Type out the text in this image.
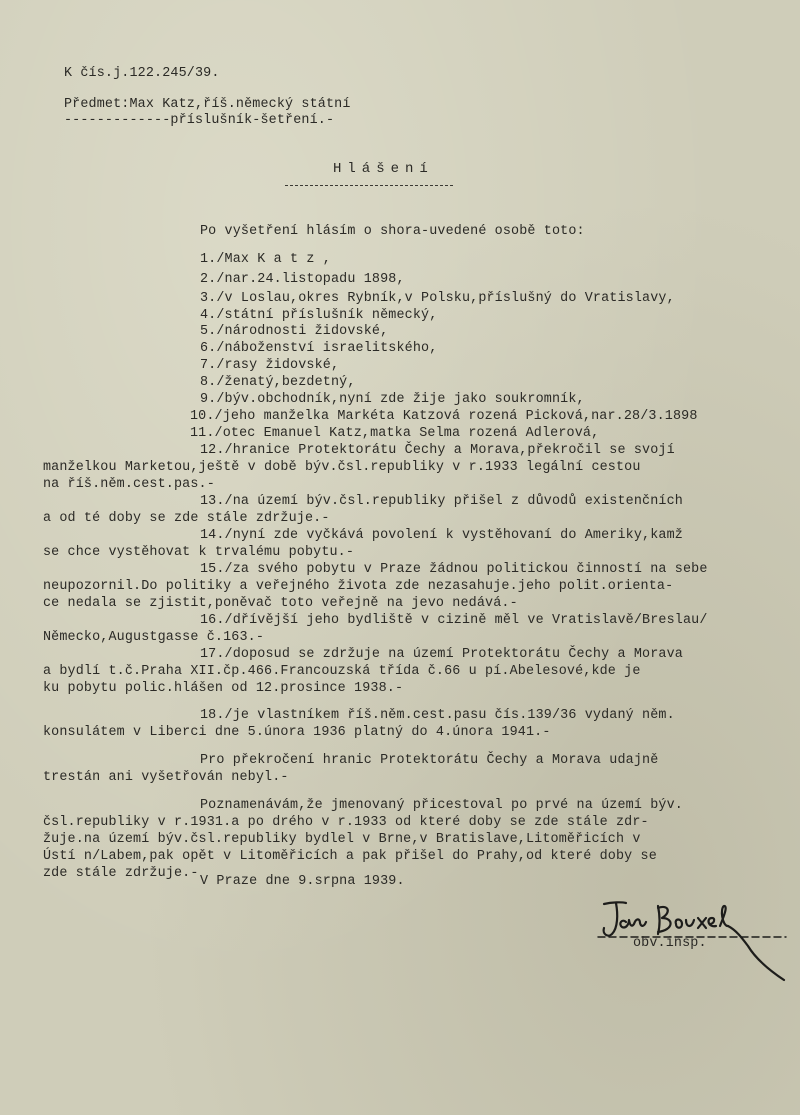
K čís.j.122.245/39.
Předmet:Max Katz,říš.německý státní
-------------příslušník-šetření.-
Hlášení
Po vyšetření hlásím o shora-uvedené osobě toto:
1./Max K a t z ,
2./nar.24.listopadu 1898,
3./v Loslau,okres Rybník,v Polsku,příslušný do Vratislavy,
4./státní příslušník německý,
5./národnosti židovské,
6./náboženství israelitského,
7./rasy židovské,
8./ženatý,bezdetný,
9./býv.obchodník,nyní zde žije jako soukromník,
10./jeho manželka Markéta Katzová rozená Picková,nar.28/3.1898
11./otec Emanuel Katz,matka Selma rozená Adlerová,
12./hranice Protektorátu Čechy a Morava,překročil se svojí
manželkou Marketou,ještě v době býv.čsl.republiky v r.1933 legální cestou
na říš.něm.cest.pas.-
13./na území býv.čsl.republiky přišel z důvodů existenčních
a od té doby se zde stále zdržuje.-
14./nyní zde vyčkává povolení k vystěhovaní do Ameriky,kamž
se chce vystěhovat k trvalému pobytu.-
15./za svého pobytu v Praze žádnou politickou činností na sebe
neupozornil.Do politiky a veřejného života zde nezasahuje.jeho polit.orienta-
ce nedala se zjistit,poněvač toto veřejně na jevo nedává.-
16./dřívější jeho bydliště v cizině měl ve Vratislavě/Breslau/
Německo,Augustgasse č.163.-
17./doposud se zdržuje na území Protektorátu Čechy a Morava
a bydlí t.č.Praha XII.čp.466.Francouzská třída č.66 u pí.Abelesové,kde je
ku pobytu polic.hlášen od 12.prosince 1938.-
18./je vlastníkem říš.něm.cest.pasu čís.139/36 vydaný něm.
konsulátem v Liberci dne 5.února 1936 platný do 4.února 1941.-
Pro překročení hranic Protektorátu Čechy a Morava udajně
trestán ani vyšetřován nebyl.-
Poznamenávám,že jmenovaný přicestoval po prvé na území býv.
čsl.republiky v r.1931.a po drého v r.1933 od které doby se zde stále zdr-
žuje.na území býv.čsl.republiky bydlel v Brne,v Bratislave,Litoměřicích v
Ústí n/Labem,pak opět v Litoměřicích a pak přišel do Prahy,od které doby se
zde stále zdržuje.-
V Praze dne 9.srpna 1939.
obv.insp.
